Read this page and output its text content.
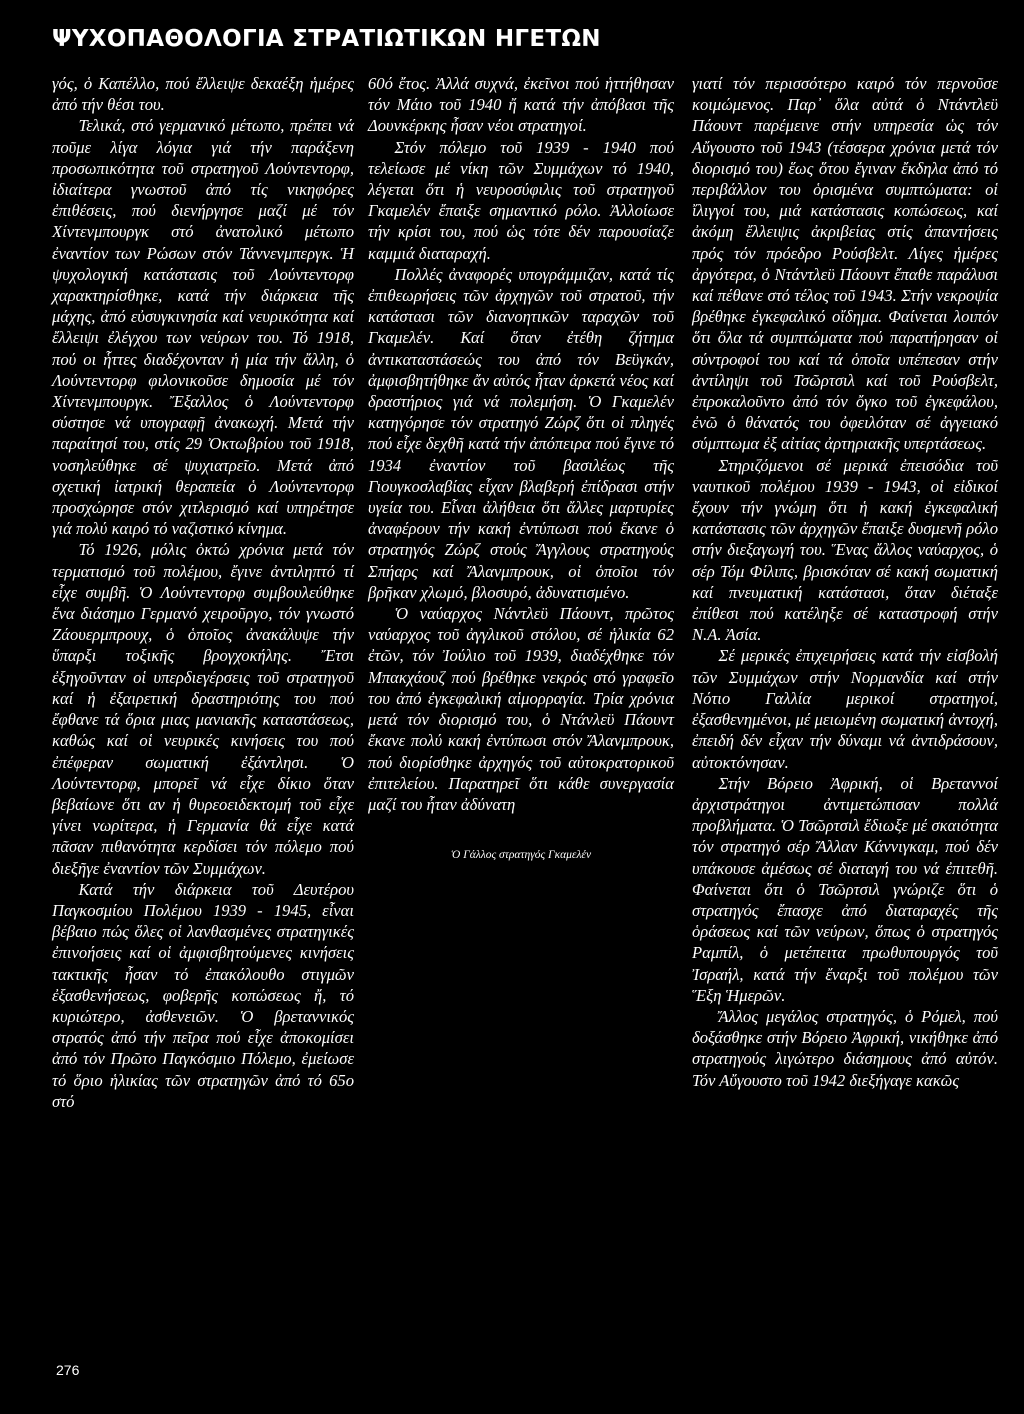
ΨΥΧΟΠΑΘΟΛΟΓΙΑ ΣΤΡΑΤΙΩΤΙΚΩΝ ΗΓΕΤΩΝ

γός, ὁ Καπέλλο, πού ἔλλειψε δεκαέξη ἡμέρες ἀπό τήν θέσι του.

Τελικά, στό γερμανικό μέτωπο, πρέπει νά ποῦμε λίγα λόγια γιά τήν παράξενη προσωπικότητα τοῦ στρατηγοῦ Λούντεντορφ, ἰδιαίτερα γνωστοῦ ἀπό τίς νικηφόρες ἐπιθέσεις, πού διενήργησε μαζί μέ τόν Χίντενμπουργκ στό ἀνατολικό μέτωπο ἐναντίον των Ρώσων στόν Τάννενμπεργκ. Ἡ ψυχολογική κατάστασις τοῦ Λούντεντορφ χαρακτηρίσθηκε, κατά τήν διάρκεια τῆς μάχης, ἀπό εὐσυγκινησία καί νευρικότητα καί ἔλλειψι ἐλέγχου των νεύρων του. Τό 1918, πού οι ἧττες διαδέχονταν ἡ μία τήν ἄλλη, ὁ Λούντεντορφ φιλονικοῦσε δημοσία μέ τόν Χίντενμπουργκ. Ἔξαλλος ὁ Λούντεντορφ σύστησε νά υπογραφῇ ἀνακωχή. Μετά τήν παραίτησί του, στίς 29 Ὀκτωβρίου τοῦ 1918, νοσηλεύθηκε σέ ψυχιατρεῖο. Μετά ἀπό σχετική ἰατρική θεραπεία ὁ Λούντεντορφ προσχώρησε στόν χιτλερισμό καί υπηρέτησε γιά πολύ καιρό τό ναζιστικό κίνημα.

Τό 1926, μόλις ὀκτώ χρόνια μετά τόν τερματισμό τοῦ πολέμου, ἔγινε ἀντιληπτό τί εἶχε συμβῆ. Ὁ Λούντεντορφ συμβουλεύθηκε ἕνα διάσημο Γερμανό χειροῦργο, τόν γνωστό Ζάουερμπρουχ, ὁ ὁποῖος ἀνακάλυψε τήν ὕπαρξι τοξικῆς βρογχοκήλης. Ἔτσι ἐξηγοῦνταν οἱ υπερδιεγέρσεις τοῦ στρατηγοῦ καί ἡ ἐξαιρετική δραστηριότης του πού ἔφθανε τά ὅρια μιας μανιακῆς καταστάσεως, καθώς καί οἱ νευρικές κινήσεις του πού ἐπέφεραν σωματική ἐξάντλησι. Ὁ Λούντεντορφ, μπορεῖ νά εἶχε δίκιο ὅταν βεβαίωνε ὅτι αν ἡ θυρεοειδεκτομή τοῦ εἶχε γίνει νωρίτερα, ἡ Γερμανία θά εἶχε κατά πᾶσαν πιθανότητα κερδίσει τόν πόλεμο πού διεξῆγε ἐναντίον τῶν Συμμάχων.

Κατά τήν διάρκεια τοῦ Δευτέρου Παγκοσμίου Πολέμου 1939 - 1945, εἶναι βέβαιο πώς ὅλες οἱ λανθασμένες στρατηγικές ἐπινοήσεις καί οἱ ἀμφισβητούμενες κινήσεις τακτικῆς ἦσαν τό ἐπακόλουθο στιγμῶν ἐξασθενήσεως, φοβερῆς κοπώσεως ἤ, τό κυριώτερο, ἀσθενειῶν. Ὁ βρεταννικός στρατός ἀπό τήν πεῖρα πού εἶχε ἀποκομίσει ἀπό τόν Πρῶτο Παγκόσμιο Πόλεμο, ἐμείωσε τό ὅριο ἡλικίας τῶν στρατηγῶν ἀπό τό 65ο στό

60ό ἔτος. Ἀλλά συχνά, ἐκεῖνοι πού ἡττήθησαν τόν Μάιο τοῦ 1940 ἤ κατά τήν ἀπόβασι τῆς Δουνκέρκης ἦσαν νέοι στρατηγοί.

Στόν πόλεμο τοῦ 1939 - 1940 πού τελείωσε μέ νίκη τῶν Συμμάχων τό 1940, λέγεται ὅτι ἡ νευροσύφιλις τοῦ στρατηγοῦ Γκαμελέν ἔπαιξε σημαντικό ρόλο. Ἀλλοίωσε τήν κρίσι του, πού ὡς τότε δέν παρουσίαζε καμμιά διαταραχή.

Πολλές ἀναφορές υπογράμμιζαν, κατά τίς ἐπιθεωρήσεις τῶν ἀρχηγῶν τοῦ στρατοῦ, τήν κατάστασι τῶν διανοητικῶν ταραχῶν τοῦ Γκαμελέν. Καί ὅταν ἐτέθη ζήτημα ἀντικαταστάσεώς του ἀπό τόν Βεϋγκάν, ἀμφισβητήθηκε ἄν αὐτός ἦταν ἀρκετά νέος καί δραστήριος γιά νά πολεμήση. Ὁ Γκαμελέν κατηγόρησε τόν στρατηγό Ζώρζ ὅτι οἱ πληγές πού εἶχε δεχθῆ κατά τήν ἀπόπειρα πού ἔγινε τό 1934 ἐναντίον τοῦ βασιλέως τῆς Γιουγκοσλαβίας εἶχαν βλαβερή ἐπίδρασι στήν υγεία του. Εἶναι ἀλήθεια ὅτι ἄλλες μαρτυρίες ἀναφέρουν τήν κακή ἐντύπωσι πού ἔκανε ὁ στρατηγός Ζώρζ στούς Ἄγγλους στρατηγούς Σπήαρς καί Ἄλανμπρουκ, οἱ ὁποῖοι τόν βρῆκαν χλωμό, βλοσυρό, ἀδυνατισμένο.

Ὁ ναύαρχος Νάντλεϋ Πάουντ, πρῶτος ναύαρχος τοῦ ἀγγλικοῦ στόλου, σέ ἡλικία 62 ἐτῶν, τόν Ἰούλιο τοῦ 1939, διαδέχθηκε τόν Μπακχάουζ πού βρέθηκε νεκρός στό γραφεῖο του ἀπό ἐγκεφαλική αἱμορραγία. Τρία χρόνια μετά τόν διορισμό του, ὁ Ντάνλεϋ Πάουντ ἔκανε πολύ κακή ἐντύπωσι στόν Ἄλανμπρουκ, πού διορίσθηκε ἀρχηγός τοῦ αὐτοκρατορικοῦ ἐπιτελείου. Παρατηρεῖ ὅτι κάθε συνεργασία μαζί του ἦταν ἀδύνατη

Ὁ Γάλλος στρατηγός Γκαμελέν

γιατί τόν περισσότερο καιρό τόν περνοῦσε κοιμώμενος. Παρ᾽ ὅλα αὐτά ὁ Ντάντλεϋ Πάουντ παρέμεινε στήν υπηρεσία ὡς τόν Αὔγουστο τοῦ 1943 (τέσσερα χρόνια μετά τόν διορισμό του) ἕως ὅτου ἔγιναν ἔκδηλα ἀπό τό περιβάλλον του ὁρισμένα συμπτώματα: οἱ ἴλιγγοί του, μιά κατάστασις κοπώσεως, καί ἀκόμη ἔλλειψις ἀκριβείας στίς ἀπαντήσεις πρός τόν πρόεδρο Ρούσβελτ. Λίγες ἡμέρες ἀργότερα, ὁ Ντάντλεϋ Πάουντ ἔπαθε παράλυσι καί πέθανε στό τέλος τοῦ 1943. Στήν νεκροψία βρέθηκε ἐγκεφαλικό οἴδημα. Φαίνεται λοιπόν ὅτι ὅλα τά συμπτώματα πού παρατήρησαν οἱ σύντροφοί του καί τά ὁποῖα υπέπεσαν στήν ἀντίληψι τοῦ Τσῶρτσιλ καί τοῦ Ρούσβελτ, ἐπροκαλοῦντο ἀπό τόν ὄγκο τοῦ ἐγκεφάλου, ἐνῶ ὁ θάνατός του ὀφειλόταν σέ ἀγγειακό σύμπτωμα ἐξ αἰτίας ἀρτηριακῆς υπερτάσεως.

Στηριζόμενοι σέ μερικά ἐπεισόδια τοῦ ναυτικοῦ πολέμου 1939 - 1943, οἱ εἰδικοί ἔχουν τήν γνώμη ὅτι ἡ κακή ἐγκεφαλική κατάστασις τῶν ἀρχηγῶν ἔπαιξε δυσμενῆ ρόλο στήν διεξαγωγή του. Ἕνας ἄλλος ναύαρχος, ὁ σέρ Τόμ Φίλιπς, βρισκόταν σέ κακή σωματική καί πνευματική κατάστασι, ὅταν διέταξε ἐπίθεσι πού κατέληξε σέ καταστροφή στήν Ν.Α. Ἀσία.

Σέ μερικές ἐπιχειρήσεις κατά τήν εἰσβολή τῶν Συμμάχων στήν Νορμανδία καί στήν Νότιο Γαλλία μερικοί στρατηγοί, ἐξασθενημένοι, μέ μειωμένη σωματική ἀντοχή, ἐπειδή δέν εἶχαν τήν δύναμι νά ἀντιδράσουν, αὐτοκτόνησαν.

Στήν Βόρειο Ἀφρική, οἱ Βρεταννοί ἀρχιστράτηγοι ἀντιμετώπισαν πολλά προβλήματα. Ὁ Τσῶρτσιλ ἔδιωξε μέ σκαιότητα τόν στρατηγό σέρ Ἄλλαν Κάννιγκαμ, πού δέν υπάκουσε ἀμέσως σέ διαταγή του νά ἐπιτεθῆ. Φαίνεται ὅτι ὁ Τσῶρτσιλ γνώριζε ὅτι ὁ στρατηγός ἔπασχε ἀπό διαταραχές τῆς ὁράσεως καί τῶν νεύρων, ὅπως ὁ στρατηγός Ραμπίλ, ὁ μετέπειτα πρωθυπουργός τοῦ Ἰσραήλ, κατά τήν ἔναρξι τοῦ πολέμου τῶν Ἕξη Ἡμερῶν.

Ἄλλος μεγάλος στρατηγός, ὁ Ρόμελ, πού δοξάσθηκε στήν Βόρειο Ἀφρική, νικήθηκε ἀπό στρατηγούς λιγώτερο διάσημους ἀπό αὐτόν. Τόν Αὔγουστο τοῦ 1942 διεξήγαγε κακῶς

276
